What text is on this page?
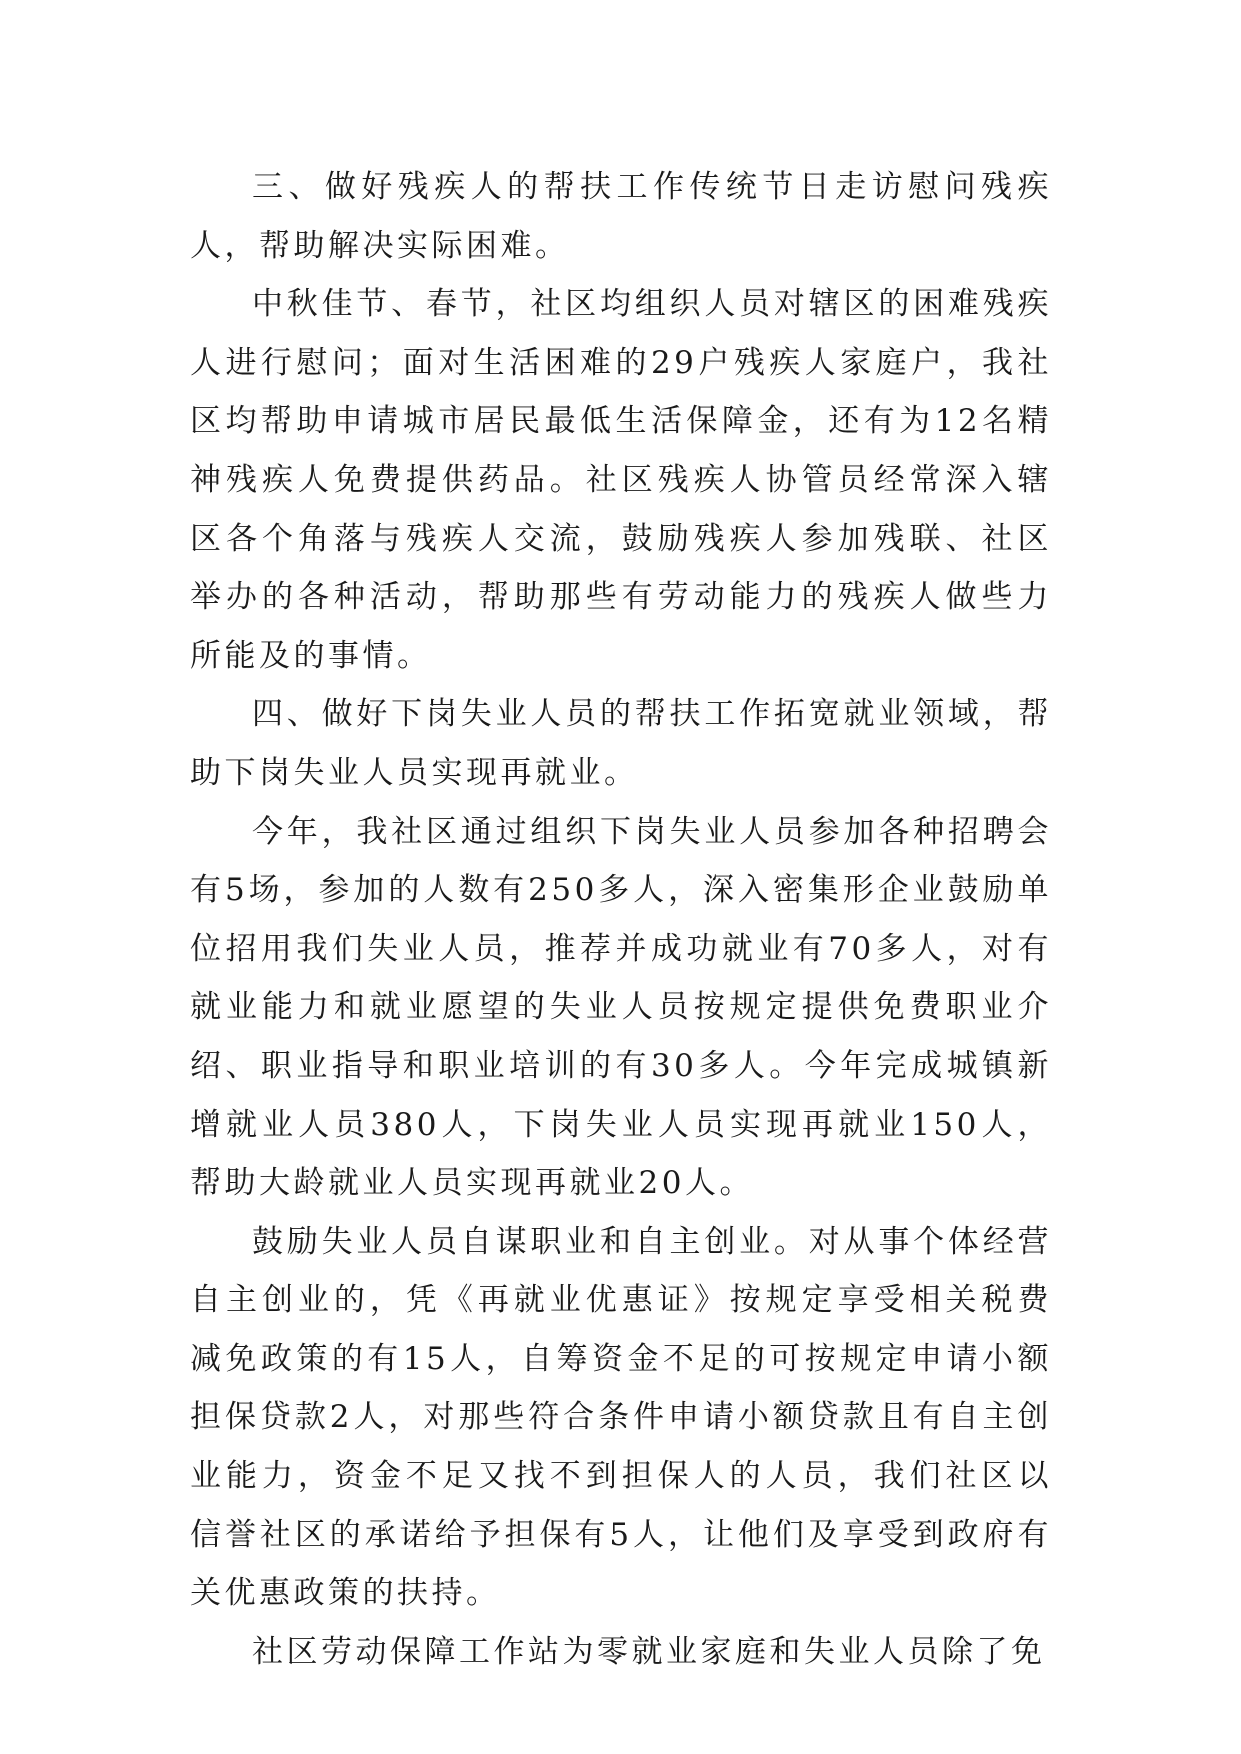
三、做好残疾人的帮扶工作传统节日走访慰问残疾人，帮助解决实际困难。

中秋佳节、春节，社区均组织人员对辖区的困难残疾人进行慰问；面对生活困难的29户残疾人家庭户，我社区均帮助申请城市居民最低生活保障金，还有为12名精神残疾人免费提供药品。社区残疾人协管员经常深入辖区各个角落与残疾人交流，鼓励残疾人参加残联、社区举办的各种活动，帮助那些有劳动能力的残疾人做些力所能及的事情。

四、做好下岗失业人员的帮扶工作拓宽就业领域，帮助下岗失业人员实现再就业。

今年，我社区通过组织下岗失业人员参加各种招聘会有5场，参加的人数有250多人，深入密集形企业鼓励单位招用我们失业人员，推荐并成功就业有70多人，对有就业能力和就业愿望的失业人员按规定提供免费职业介绍、职业指导和职业培训的有30多人。今年完成城镇新增就业人员380人，下岗失业人员实现再就业150人，帮助大龄就业人员实现再就业20人。

鼓励失业人员自谋职业和自主创业。对从事个体经营自主创业的，凭《再就业优惠证》按规定享受相关税费减免政策的有15人，自筹资金不足的可按规定申请小额担保贷款2人，对那些符合条件申请小额贷款且有自主创业能力，资金不足又找不到担保人的人员，我们社区以信誉社区的承诺给予担保有5人，让他们及享受到政府有关优惠政策的扶持。

社区劳动保障工作站为零就业家庭和失业人员除了免
